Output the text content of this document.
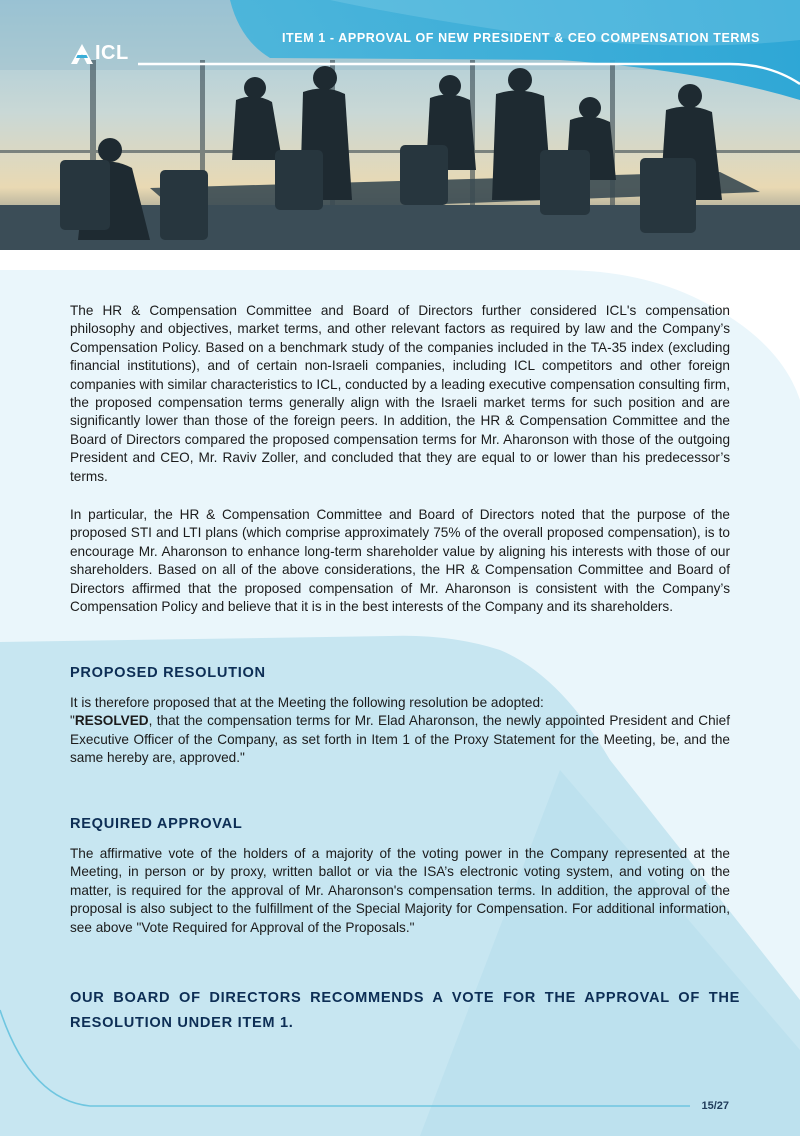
ITEM 1 - APPROVAL OF NEW PRESIDENT & CEO COMPENSATION TERMS

ICL

The HR & Compensation Committee and Board of Directors further considered ICL's compensation philosophy and objectives, market terms, and other relevant factors as required by law and the Company’s Compensation Policy. Based on a benchmark study of the companies included in the TA-35 index (excluding financial institutions), and of certain non-Israeli companies, including ICL competitors and other foreign companies with similar characteristics to ICL, conducted by a leading executive compensation consulting firm, the proposed compensation terms generally align with the Israeli market terms for such position and are significantly lower than those of the foreign peers. In addition, the HR & Compensation Committee and the Board of Directors compared the proposed compensation terms for Mr. Aharonson with those of the outgoing President and CEO, Mr. Raviv Zoller, and concluded that they are equal to or lower than his predecessor’s terms.

In particular, the HR & Compensation Committee and Board of Directors noted that the purpose of the proposed STI and LTI plans (which comprise approximately 75% of the overall proposed compensation), is to encourage Mr. Aharonson to enhance long-term shareholder value by aligning his interests with those of our shareholders. Based on all of the above considerations, the HR & Compensation Committee and Board of Directors affirmed that the proposed compensation of Mr. Aharonson is consistent with the Company’s Compensation Policy and believe that it is in the best interests of the Company and its shareholders.

PROPOSED RESOLUTION

It is therefore proposed that at the Meeting the following resolution be adopted:

"RESOLVED, that the compensation terms for Mr. Elad Aharonson, the newly appointed President and Chief Executive Officer of the Company, as set forth in Item 1 of the Proxy Statement for the Meeting, be, and the same hereby are, approved."

REQUIRED APPROVAL

The affirmative vote of the holders of a majority of the voting power in the Company represented at the Meeting, in person or by proxy, written ballot or via the ISA’s electronic voting system, and voting on the matter, is required for the approval of Mr. Aharonson's compensation terms. In addition, the approval of the proposal is also subject to the fulfillment of the Special Majority for Compensation. For additional information, see above "Vote Required for Approval of the Proposals."

OUR BOARD OF DIRECTORS RECOMMENDS A VOTE FOR THE APPROVAL OF THE RESOLUTION UNDER ITEM 1.

15/27
